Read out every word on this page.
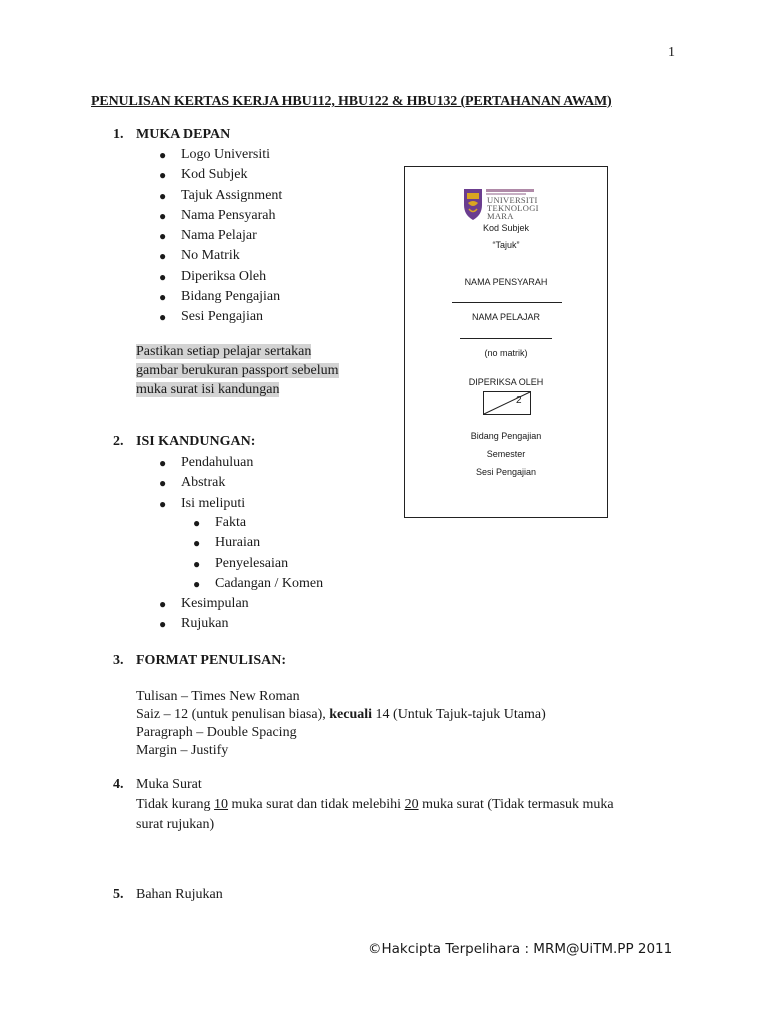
1
PENULISAN KERTAS KERJA HBU112, HBU122 & HBU132 (PERTAHANAN AWAM)
1. MUKA DEPAN
● Logo Universiti
● Kod Subjek
● Tajuk Assignment
● Nama Pensyarah
● Nama Pelajar
● No Matrik
● Diperiksa Oleh
● Bidang Pengajian
● Sesi Pengajian
Pastikan setiap pelajar sertakan
gambar berukuran passport sebelum
muka surat isi kandungan
2. ISI KANDUNGAN:
● Pendahuluan
● Abstrak
● Isi meliputi
● Fakta
● Huraian
● Penyelesaian
● Cadangan / Komen
● Kesimpulan
● Rujukan
3. FORMAT PENULISAN:
Tulisan – Times New Roman
Saiz – 12 (untuk penulisan biasa), kecuali 14 (Untuk Tajuk-tajuk Utama)
Paragraph – Double Spacing
Margin – Justify
4. Muka Surat
Tidak kurang 10 muka surat dan tidak melebihi 20 muka surat (Tidak termasuk muka
surat rujukan)
5. Bahan Rujukan
UNIVERSITI
TEKNOLOGI
MARA
Kod Subjek
“Tajuk”
NAMA PENSYARAH
NAMA PELAJAR
(no matrik)
DIPERIKSA OLEH
2
Bidang Pengajian
Semester
Sesi Pengajian
©Hakcipta Terpelihara : MRM@UiTM.PP 2011
